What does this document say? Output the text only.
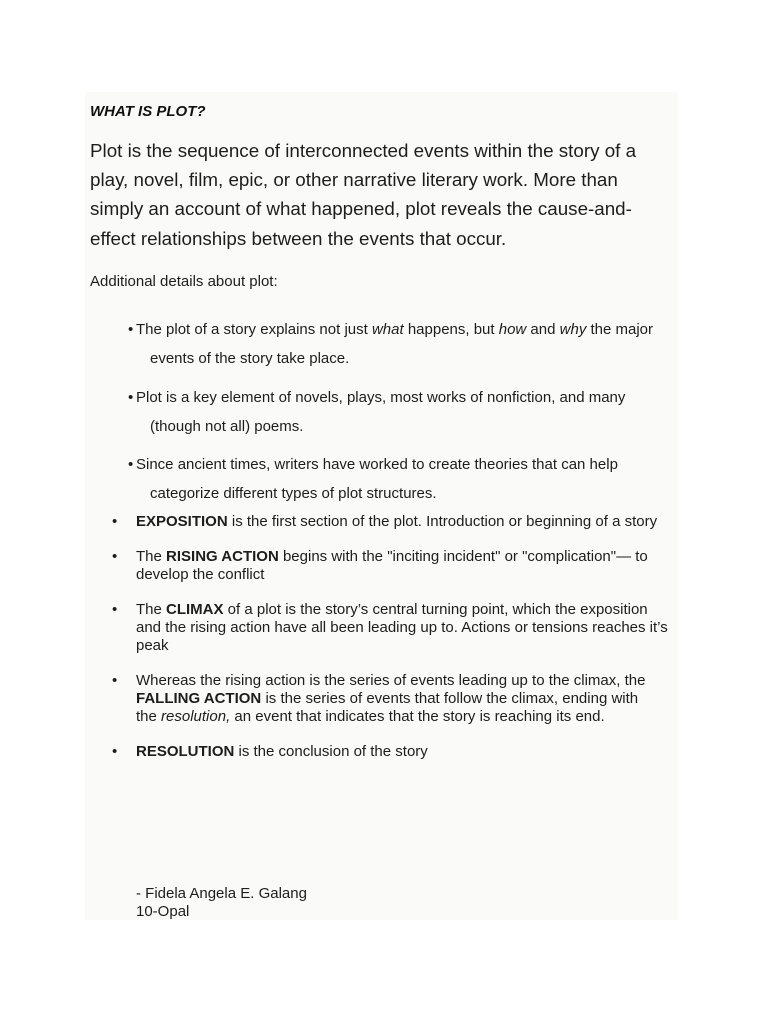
WHAT IS PLOT?

Plot is the sequence of interconnected events within the story of a play, novel, film, epic, or other narrative literary work. More than simply an account of what happened, plot reveals the cause-and-effect relationships between the events that occur.

Additional details about plot:

• The plot of a story explains not just what happens, but how and why the major events of the story take place.
• Plot is a key element of novels, plays, most works of nonfiction, and many (though not all) poems.
• Since ancient times, writers have worked to create theories that can help categorize different types of plot structures.
• EXPOSITION is the first section of the plot. Introduction or beginning of a story
• The RISING ACTION begins with the "inciting incident" or "complication"— to
develop the conflict
• The CLIMAX of a plot is the story’s central turning point, which the exposition
and the rising action have all been leading up to. Actions or tensions reaches it’s
peak
• Whereas the rising action is the series of events leading up to the climax, the
FALLING ACTION is the series of events that follow the climax, ending with
the resolution, an event that indicates that the story is reaching its end.
• RESOLUTION is the conclusion of the story
- Fidela Angela E. Galang
10-Opal
